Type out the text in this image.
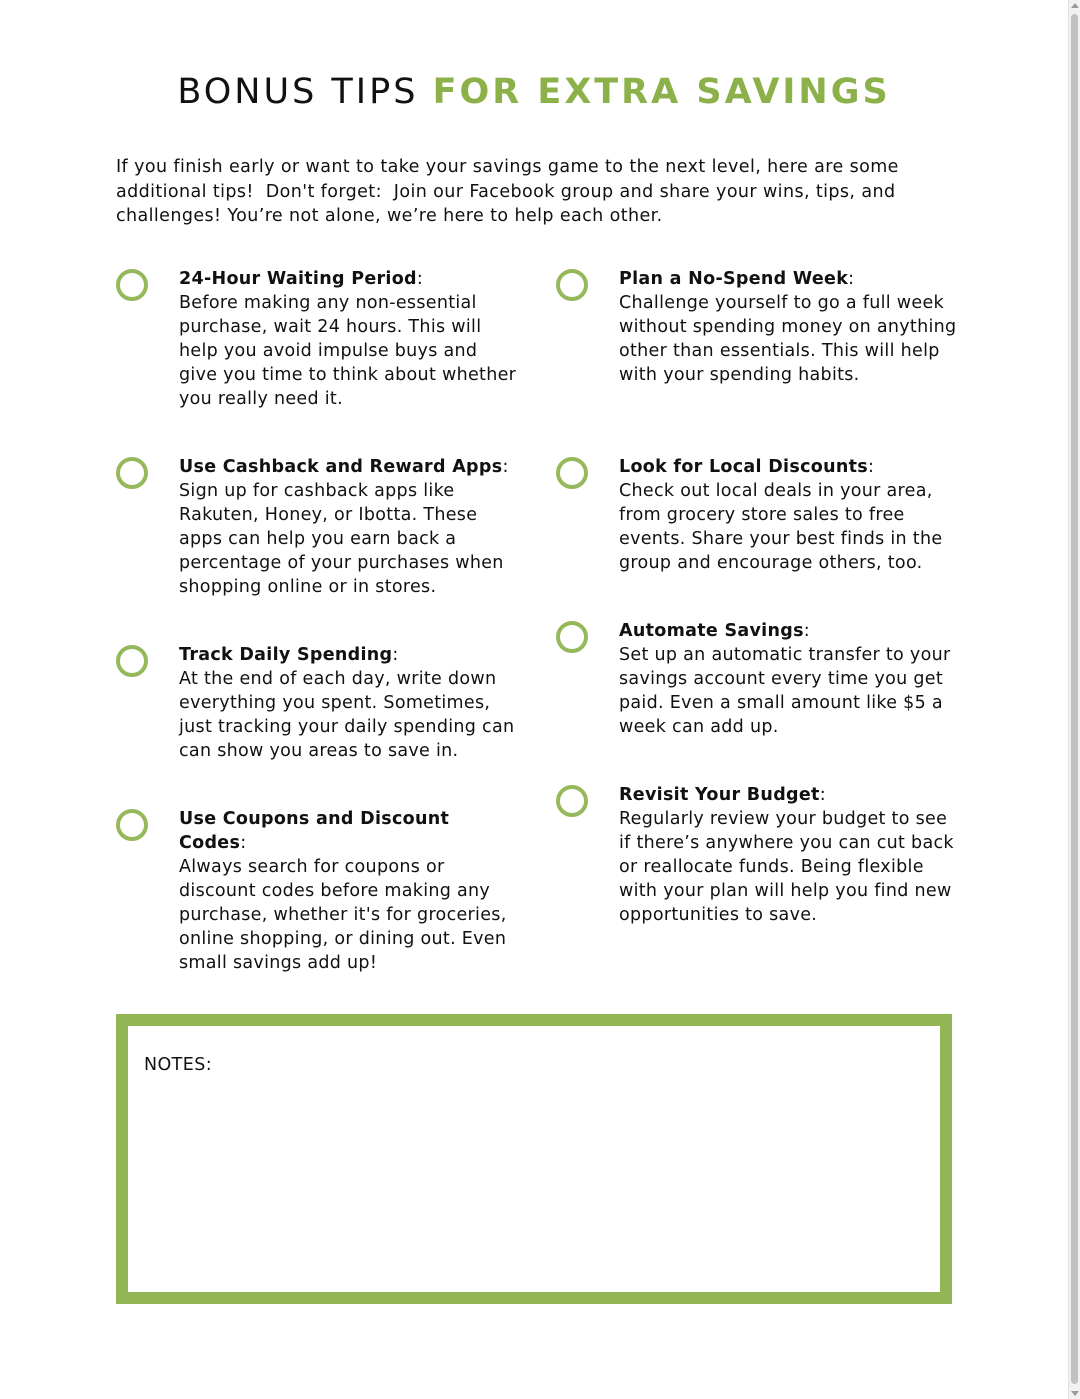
BONUS TIPS FOR EXTRA SAVINGS
If you finish early or want to take your savings game to the next level, here are some additional tips!  Don't forget:  Join our Facebook group and share your wins, tips, and challenges! You’re not alone, we’re here to help each other.
24-Hour Waiting Period:
Before making any non-essential purchase, wait 24 hours. This will help you avoid impulse buys and give you time to think about whether you really need it.
Use Cashback and Reward Apps:
Sign up for cashback apps like Rakuten, Honey, or Ibotta. These apps can help you earn back a percentage of your purchases when shopping online or in stores.
Track Daily Spending:
At the end of each day, write down everything you spent. Sometimes, just tracking your daily spending can can show you areas to save in.
Use Coupons and Discount Codes:
Always search for coupons or discount codes before making any purchase, whether it's for groceries, online shopping, or dining out. Even small savings add up!
Plan a No-Spend Week:
Challenge yourself to go a full week without spending money on anything other than essentials. This will help with your spending habits.
Look for Local Discounts:
Check out local deals in your area, from grocery store sales to free events. Share your best finds in the group and encourage others, too.
Automate Savings:
Set up an automatic transfer to your savings account every time you get paid. Even a small amount like $5 a week can add up.
Revisit Your Budget:
Regularly review your budget to see if there’s anywhere you can cut back or reallocate funds. Being flexible with your plan will help you find new opportunities to save.
NOTES:
